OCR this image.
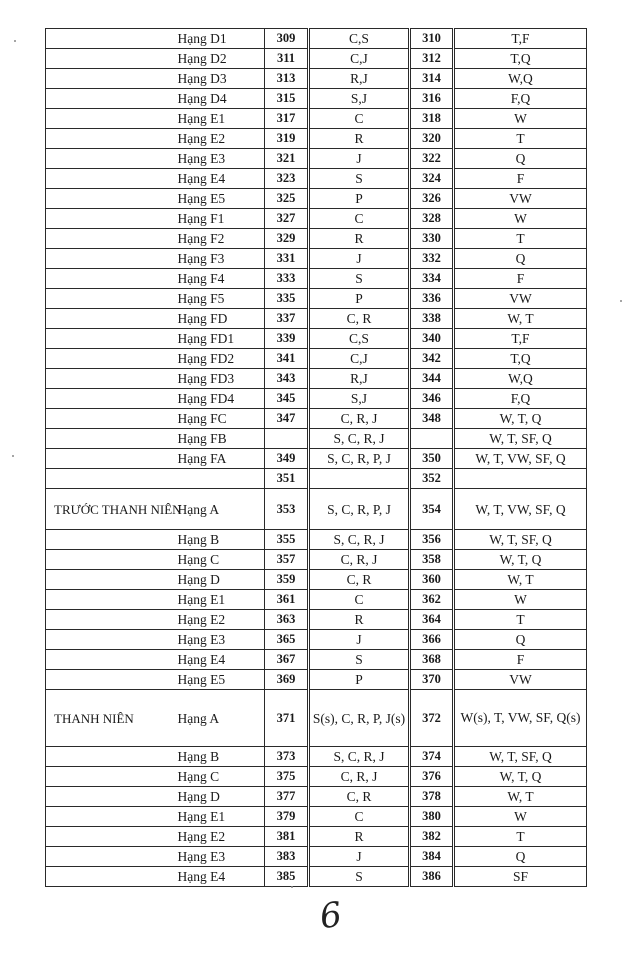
	Hạng D1	309	C,S	310	T,F
	Hạng D2	311	C,J	312	T,Q
	Hạng D3	313	R,J	314	W,Q
	Hạng D4	315	S,J	316	F,Q
	Hạng E1	317	C	318	W
	Hạng E2	319	R	320	T
	Hạng E3	321	J	322	Q
	Hạng E4	323	S	324	F
	Hạng E5	325	P	326	VW
	Hạng F1	327	C	328	W
	Hạng F2	329	R	330	T
	Hạng F3	331	J	332	Q
	Hạng F4	333	S	334	F
	Hạng F5	335	P	336	VW
	Hạng FD	337	C, R	338	W, T
	Hạng FD1	339	C,S	340	T,F
	Hạng FD2	341	C,J	342	T,Q
	Hạng FD3	343	R,J	344	W,Q
	Hạng FD4	345	S,J	346	F,Q
	Hạng FC	347	C, R, J	348	W, T, Q
	Hạng FB		S, C, R, J		W, T, SF, Q
	Hạng FA	349	S, C, R, P, J	350	W, T, VW, SF, Q
		351		352	
TRƯỚC THANH NIÊN	Hạng A	353	S, C, R, P, J	354	W, T, VW, SF, Q
	Hạng B	355	S, C, R, J	356	W, T, SF, Q
	Hạng C	357	C, R, J	358	W, T, Q
	Hạng D	359	C, R	360	W, T
	Hạng E1	361	C	362	W
	Hạng E2	363	R	364	T
	Hạng E3	365	J	366	Q
	Hạng E4	367	S	368	F
	Hạng E5	369	P	370	VW
THANH NIÊN	Hạng A	371	S(s), C, R, P, J(s)	372	W(s), T, VW, SF, Q(s)
	Hạng B	373	S, C, R, J	374	W, T, SF, Q
	Hạng C	375	C, R, J	376	W, T, Q
	Hạng D	377	C, R	378	W, T
	Hạng E1	379	C	380	W
	Hạng E2	381	R	382	T
	Hạng E3	383	J	384	Q
	Hạng E4	385	S	386	SF
6
